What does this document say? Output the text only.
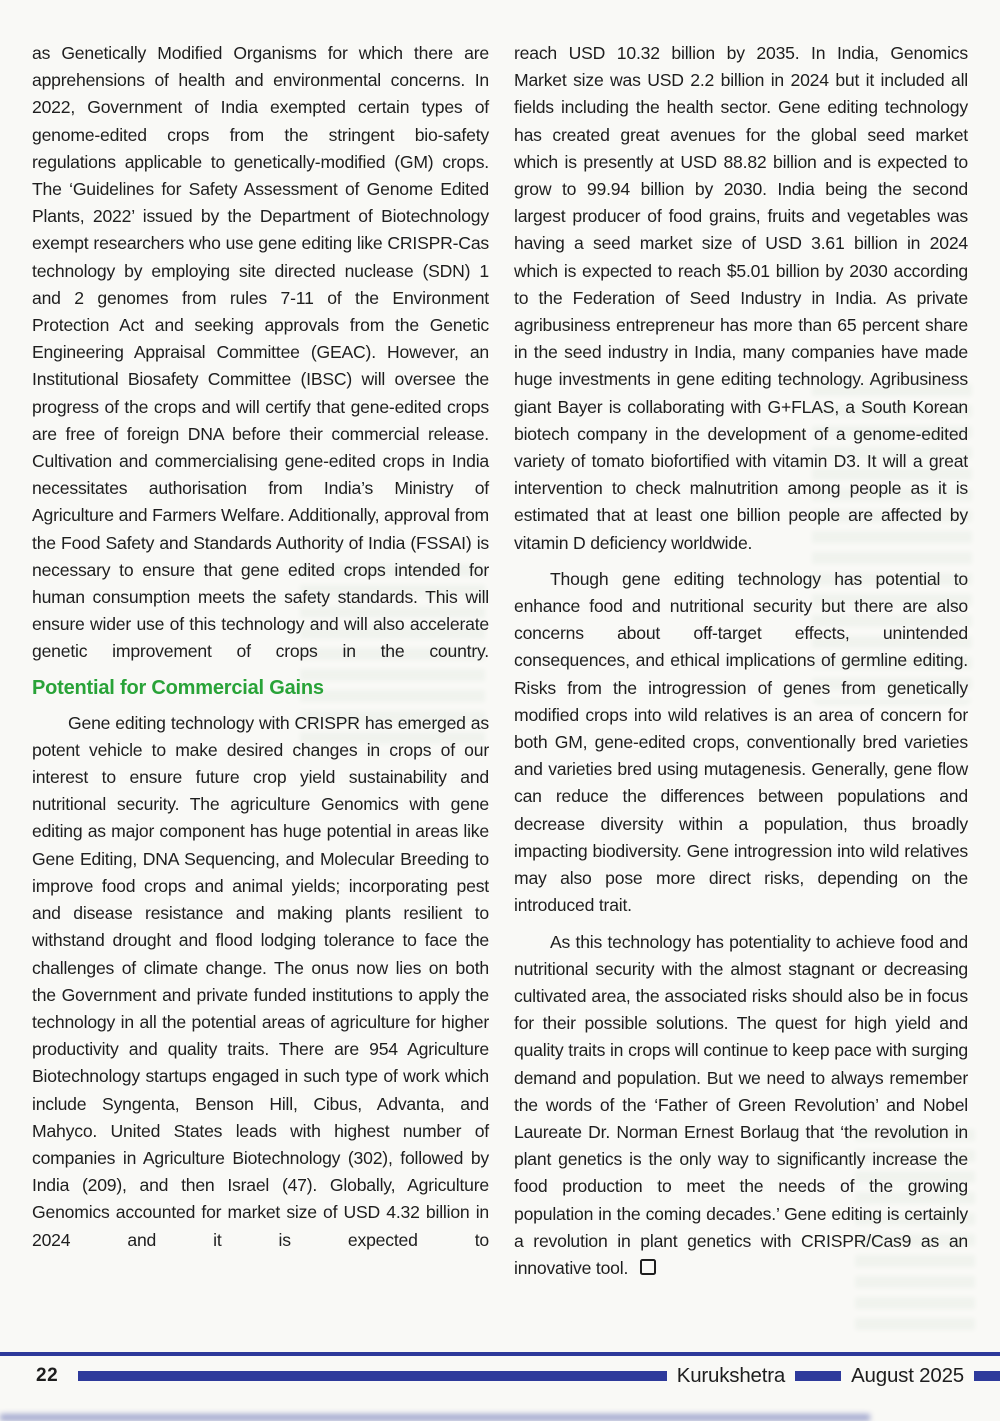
as Genetically Modified Organisms for which there are apprehensions of health and environmental concerns. In 2022, Government of India exempted certain types of genome-edited crops from the stringent bio-safety regulations applicable to genetically-modified (GM) crops. The ‘Guidelines for Safety Assessment of Genome Edited Plants, 2022’ issued by the Department of Biotechnology exempt researchers who use gene editing like CRISPR-Cas technology by employing site directed nuclease (SDN) 1 and 2 genomes from rules 7-11 of the Environment Protection Act and seeking approvals from the Genetic Engineering Appraisal Committee (GEAC). However, an Institutional Biosafety Committee (IBSC) will oversee the progress of the crops and will certify that gene-edited crops are free of foreign DNA before their commercial release. Cultivation and commercialising gene-edited crops in India necessitates authorisation from India’s Ministry of Agriculture and Farmers Welfare. Additionally, approval from the Food Safety and Standards Authority of India (FSSAI) is necessary to ensure that gene edited crops intended for human consumption meets the safety standards. This will ensure wider use of this technology and will also accelerate genetic improvement of crops in the country.

Potential for Commercial Gains

Gene editing technology with CRISPR has emerged as potent vehicle to make desired changes in crops of our interest to ensure future crop yield sustainability and nutritional security. The agriculture Genomics with gene editing as major component has huge potential in areas like Gene Editing, DNA Sequencing, and Molecular Breeding to improve food crops and animal yields; incorporating pest and disease resistance and making plants resilient to withstand drought and flood lodging tolerance to face the challenges of climate change. The onus now lies on both the Government and private funded institutions to apply the technology in all the potential areas of agriculture for higher productivity and quality traits. There are 954 Agriculture Biotechnology startups engaged in such type of work which include Syngenta, Benson Hill, Cibus, Advanta, and Mahyco. United States leads with highest number of companies in Agriculture Biotechnology (302), followed by India (209), and then Israel (47). Globally, Agriculture Genomics accounted for market size of USD 4.32 billion in 2024 and it is expected to

reach USD 10.32 billion by 2035. In India, Genomics Market size was USD 2.2 billion in 2024 but it included all fields including the health sector. Gene editing technology has created great avenues for the global seed market which is presently at USD 88.82 billion and is expected to grow to 99.94 billion by 2030. India being the second largest producer of food grains, fruits and vegetables was having a seed market size of USD 3.61 billion in 2024 which is expected to reach $5.01 billion by 2030 according to the Federation of Seed Industry in India. As private agribusiness entrepreneur has more than 65 percent share in the seed industry in India, many companies have made huge investments in gene editing technology. Agribusiness giant Bayer is collaborating with G+FLAS, a South Korean biotech company in the development of a genome-edited variety of tomato biofortified with vitamin D3. It will a great intervention to check malnutrition among people as it is estimated that at least one billion people are affected by vitamin D deficiency worldwide.

Though gene editing technology has potential to enhance food and nutritional security but there are also concerns about off-target effects, unintended consequences, and ethical implications of germline editing. Risks from the introgression of genes from genetically modified crops into wild relatives is an area of concern for both GM, gene-edited crops, conventionally bred varieties and varieties bred using mutagenesis. Generally, gene flow can reduce the differences between populations and decrease diversity within a population, thus broadly impacting biodiversity. Gene introgression into wild relatives may also pose more direct risks, depending on the introduced trait.

As this technology has potentiality to achieve food and nutritional security with the almost stagnant or decreasing cultivated area, the associated risks should also be in focus for their possible solutions. The quest for high yield and quality traits in crops will continue to keep pace with surging demand and population. But we need to always remember the words of the ‘Father of Green Revolution’ and Nobel Laureate Dr. Norman Ernest Borlaug that ‘the revolution in plant genetics is the only way to significantly increase the food production to meet the needs of the growing population in the coming decades.’ Gene editing is certainly a revolution in plant genetics with CRISPR/Cas9 as an innovative tool.

22	Kurukshetra	August 2025
